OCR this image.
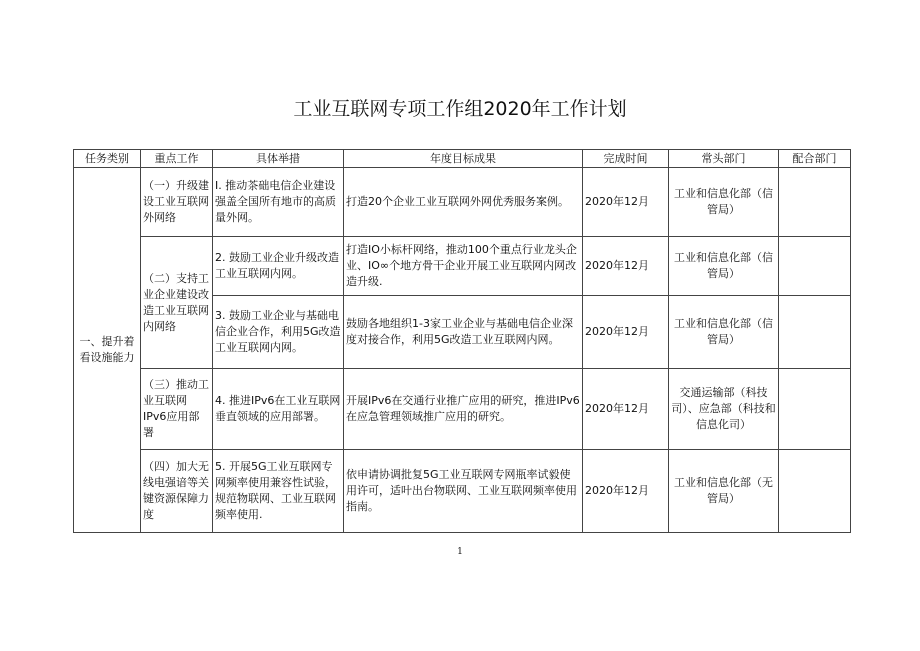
工业互联网专项工作组2020年工作计划
任务类别	重点工作	具体举措	年度目标成果	完成时间	常头部门	配合部门
一、提升着看设施能力	（一）升级建设工业互联网外网络	I. 推动茶础电信企业建设强盖全国所有地市的高质量外网。	打造20个企业工业互联网外网优秀服务案例。	2020年12月	工业和信息化部（信管局）	
	（二）支持工业企业建设改造工业互联网内网络	2. 鼓励工业企业升级改造工业互联网内网。	打造IO小标杆网络，推动100个重点行业龙头企业、IO∞个地方骨干企业开展工业互联网内网改造升级.	2020年12月	工业和信息化部（信管局）	
		3. 鼓励工业企业与基础电信企业合作，利用5G改造工业互联网内网。	鼓励各地组织1-3家工业企业与基础电信企业深度对接合作，利用5G改造工业互联网内网。	2020年12月	工业和信息化部（信管局）	
	（三）推动工业互联网IPv6应用部署	4. 推进IPv6在工业互联网垂直领域的应用部署。	开展IPv6在交通行业推广应用的研究，推进IPv6在应急管理领域推广应用的研究。	2020年12月	交通运输部（科技司）、应急部（科技和信息化司）	
	（四）加大无线电强谙等关键资源保障力度	5. 开展5G工业互联网专网频率使用兼容性试验，规范物联网、工业互联网频率使用.	依申请协调批复5G工业互联网专网瓶率试毅使用许可，适叶出台物联网、工业互联网频率使用指南。	2020年12月	工业和信息化部（无管局）	
1
